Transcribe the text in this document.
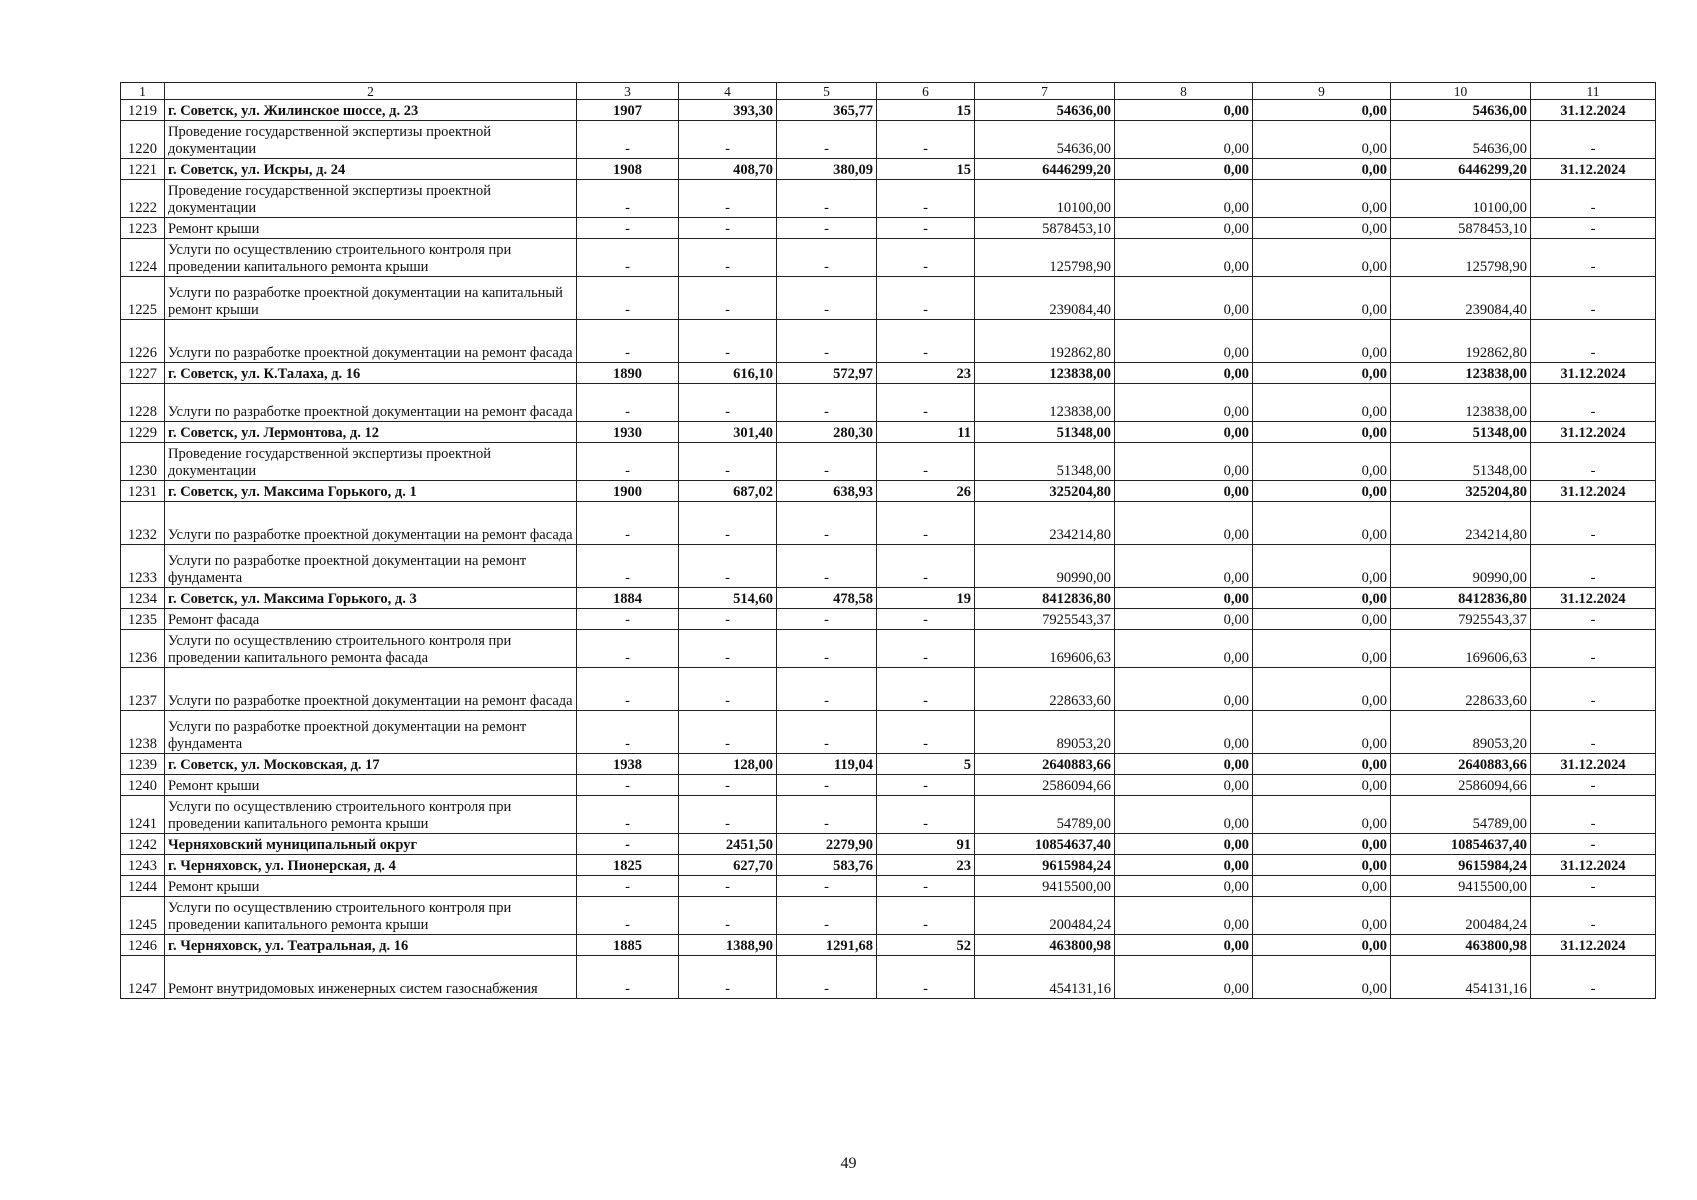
1	2	3	4	5	6	7	8	9	10	11
1219	г. Советск, ул. Жилинское шоссе, д. 23	1907	393,30	365,77	15	54636,00	0,00	0,00	54636,00	31.12.2024
1220	Проведение государственной экспертизы проектной документации	-	-	-	-	54636,00	0,00	0,00	54636,00	-
1221	г. Советск, ул. Искры, д. 24	1908	408,70	380,09	15	6446299,20	0,00	0,00	6446299,20	31.12.2024
1222	Проведение государственной экспертизы проектной документации	-	-	-	-	10100,00	0,00	0,00	10100,00	-
1223	Ремонт крыши	-	-	-	-	5878453,10	0,00	0,00	5878453,10	-
1224	Услуги по осуществлению строительного контроля при проведении капитального ремонта крыши	-	-	-	-	125798,90	0,00	0,00	125798,90	-
1225	Услуги по разработке проектной документации на капитальный ремонт крыши	-	-	-	-	239084,40	0,00	0,00	239084,40	-
1226	Услуги по разработке проектной документации на ремонт фасада	-	-	-	-	192862,80	0,00	0,00	192862,80	-
1227	г. Советск, ул. К.Талаха, д. 16	1890	616,10	572,97	23	123838,00	0,00	0,00	123838,00	31.12.2024
1228	Услуги по разработке проектной документации на ремонт фасада	-	-	-	-	123838,00	0,00	0,00	123838,00	-
1229	г. Советск, ул. Лермонтова, д. 12	1930	301,40	280,30	11	51348,00	0,00	0,00	51348,00	31.12.2024
1230	Проведение государственной экспертизы проектной документации	-	-	-	-	51348,00	0,00	0,00	51348,00	-
1231	г. Советск, ул. Максима Горького, д. 1	1900	687,02	638,93	26	325204,80	0,00	0,00	325204,80	31.12.2024
1232	Услуги по разработке проектной документации на ремонт фасада	-	-	-	-	234214,80	0,00	0,00	234214,80	-
1233	Услуги по разработке проектной документации на ремонт фундамента	-	-	-	-	90990,00	0,00	0,00	90990,00	-
1234	г. Советск, ул. Максима Горького, д. 3	1884	514,60	478,58	19	8412836,80	0,00	0,00	8412836,80	31.12.2024
1235	Ремонт фасада	-	-	-	-	7925543,37	0,00	0,00	7925543,37	-
1236	Услуги по осуществлению строительного контроля при проведении капитального ремонта фасада	-	-	-	-	169606,63	0,00	0,00	169606,63	-
1237	Услуги по разработке проектной документации на ремонт фасада	-	-	-	-	228633,60	0,00	0,00	228633,60	-
1238	Услуги по разработке проектной документации на ремонт фундамента	-	-	-	-	89053,20	0,00	0,00	89053,20	-
1239	г. Советск, ул. Московская, д. 17	1938	128,00	119,04	5	2640883,66	0,00	0,00	2640883,66	31.12.2024
1240	Ремонт крыши	-	-	-	-	2586094,66	0,00	0,00	2586094,66	-
1241	Услуги по осуществлению строительного контроля при проведении капитального ремонта крыши	-	-	-	-	54789,00	0,00	0,00	54789,00	-
1242	Черняховский муниципальный округ	-	2451,50	2279,90	91	10854637,40	0,00	0,00	10854637,40	-
1243	г. Черняховск, ул. Пионерская, д. 4	1825	627,70	583,76	23	9615984,24	0,00	0,00	9615984,24	31.12.2024
1244	Ремонт крыши	-	-	-	-	9415500,00	0,00	0,00	9415500,00	-
1245	Услуги по осуществлению строительного контроля при проведении капитального ремонта крыши	-	-	-	-	200484,24	0,00	0,00	200484,24	-
1246	г. Черняховск, ул. Театральная, д. 16	1885	1388,90	1291,68	52	463800,98	0,00	0,00	463800,98	31.12.2024
1247	Ремонт внутридомовых инженерных систем газоснабжения	-	-	-	-	454131,16	0,00	0,00	454131,16	-
49
